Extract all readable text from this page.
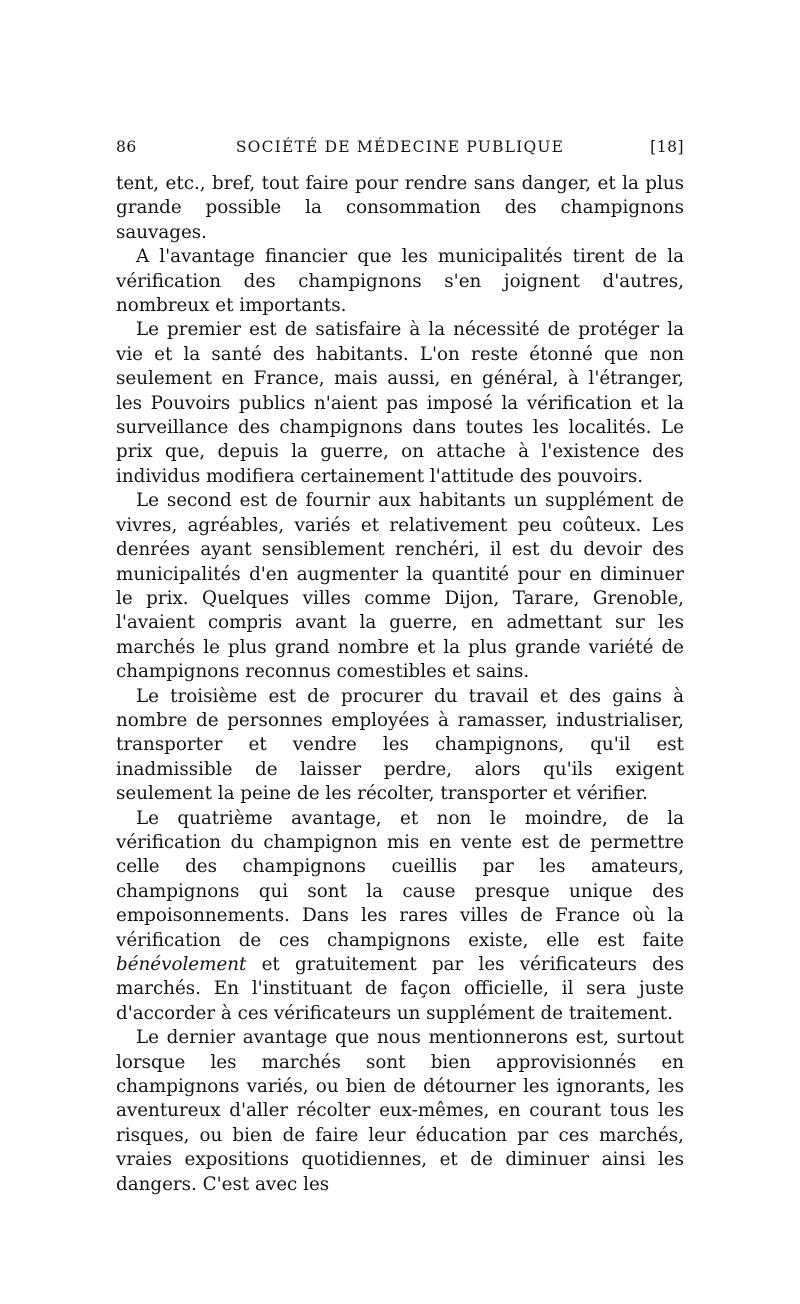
86	SOCIÉTÉ DE MÉDECINE PUBLIQUE	[18]

tent, etc., bref, tout faire pour rendre sans danger, et la plus grande possible la consommation des champignons sauvages.

A l'avantage financier que les municipalités tirent de la vérification des champignons s'en joignent d'autres, nombreux et importants.

Le premier est de satisfaire à la nécessité de protéger la vie et la santé des habitants. L'on reste étonné que non seulement en France, mais aussi, en général, à l'étranger, les Pouvoirs publics n'aient pas imposé la vérification et la surveillance des champignons dans toutes les localités. Le prix que, depuis la guerre, on attache à l'existence des individus modifiera certainement l'attitude des pouvoirs.

Le second est de fournir aux habitants un supplément de vivres, agréables, variés et relativement peu coûteux. Les denrées ayant sensiblement renchéri, il est du devoir des municipalités d'en augmenter la quantité pour en diminuer le prix. Quelques villes comme Dijon, Tarare, Grenoble, l'avaient compris avant la guerre, en admettant sur les marchés le plus grand nombre et la plus grande variété de champignons reconnus comestibles et sains.

Le troisième est de procurer du travail et des gains à nombre de personnes employées à ramasser, industrialiser, transporter et vendre les champignons, qu'il est inadmissible de laisser perdre, alors qu'ils exigent seulement la peine de les récolter, transporter et vérifier.

Le quatrième avantage, et non le moindre, de la vérification du champignon mis en vente est de permettre celle des champignons cueillis par les amateurs, champignons qui sont la cause presque unique des empoisonnements. Dans les rares villes de France où la vérification de ces champignons existe, elle est faite bénévolement et gratuitement par les vérificateurs des marchés. En l'instituant de façon officielle, il sera juste d'accorder à ces vérificateurs un supplément de traitement.

Le dernier avantage que nous mentionnerons est, surtout lorsque les marchés sont bien approvisionnés en champignons variés, ou bien de détourner les ignorants, les aventureux d'aller récolter eux-mêmes, en courant tous les risques, ou bien de faire leur éducation par ces marchés, vraies expositions quotidiennes, et de diminuer ainsi les dangers. C'est avec les
